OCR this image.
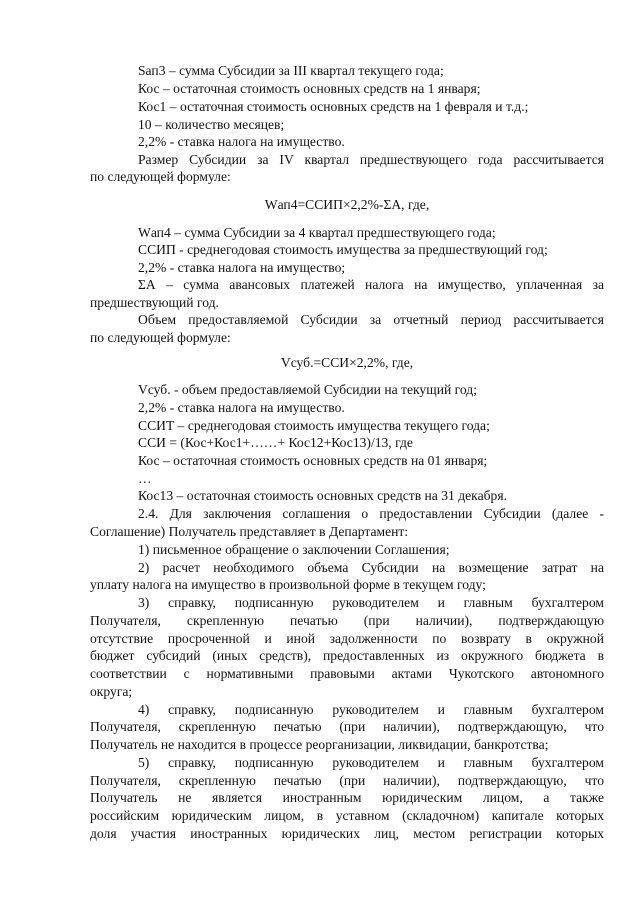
Sап3 – сумма Субсидии за III квартал текущего года;
Кос – остаточная стоимость основных средств на 1 января;
Кос1 – остаточная стоимость основных средств на 1 февраля и т.д.;
10 – количество месяцев;
2,2% - ставка налога на имущество.
Размер Субсидии за IV квартал предшествующего года рассчитывается
по следующей формуле:
Wап4=ССИП×2,2%-ΣА, где,
Wап4 – сумма Субсидии за 4 квартал предшествующего года;
ССИП - среднегодовая стоимость имущества за предшествующий год;
2,2% - ставка налога на имущество;
ΣА – сумма авансовых платежей налога на имущество, уплаченная за
предшествующий год.
Объем предоставляемой Субсидии за отчетный период рассчитывается
по следующей формуле:
Vсуб.=ССИ×2,2%, где,
Vсуб. - объем предоставляемой Субсидии на текущий год;
2,2% - ставка налога на имущество.
ССИТ – среднегодовая стоимость имущества текущего года;
ССИ = (Кос+Кос1+……+ Кос12+Кос13)/13, где
Кос – остаточная стоимость основных средств на 01 января;
…
Кос13 – остаточная стоимость основных средств на 31 декабря.
2.4. Для заключения соглашения о предоставлении Субсидии (далее -
Соглашение) Получатель представляет в Департамент:
1) письменное обращение о заключении Соглашения;
2) расчет необходимого объема Субсидии на возмещение затрат на
уплату налога на имущество в произвольной форме в текущем году;
3) справку, подписанную руководителем и главным бухгалтером
Получателя, скрепленную печатью (при наличии), подтверждающую
отсутствие просроченной и иной задолженности по возврату в окружной
бюджет субсидий (иных средств), предоставленных из окружного бюджета в
соответствии с нормативными правовыми актами Чукотского автономного
округа;
4) справку, подписанную руководителем и главным бухгалтером
Получателя, скрепленную печатью (при наличии), подтверждающую, что
Получатель не находится в процессе реорганизации, ликвидации, банкротства;
5) справку, подписанную руководителем и главным бухгалтером
Получателя, скрепленную печатью (при наличии), подтверждающую, что
Получатель не является иностранным юридическим лицом, а также
российским юридическим лицом, в уставном (складочном) капитале которых
доля участия иностранных юридических лиц, местом регистрации которых
